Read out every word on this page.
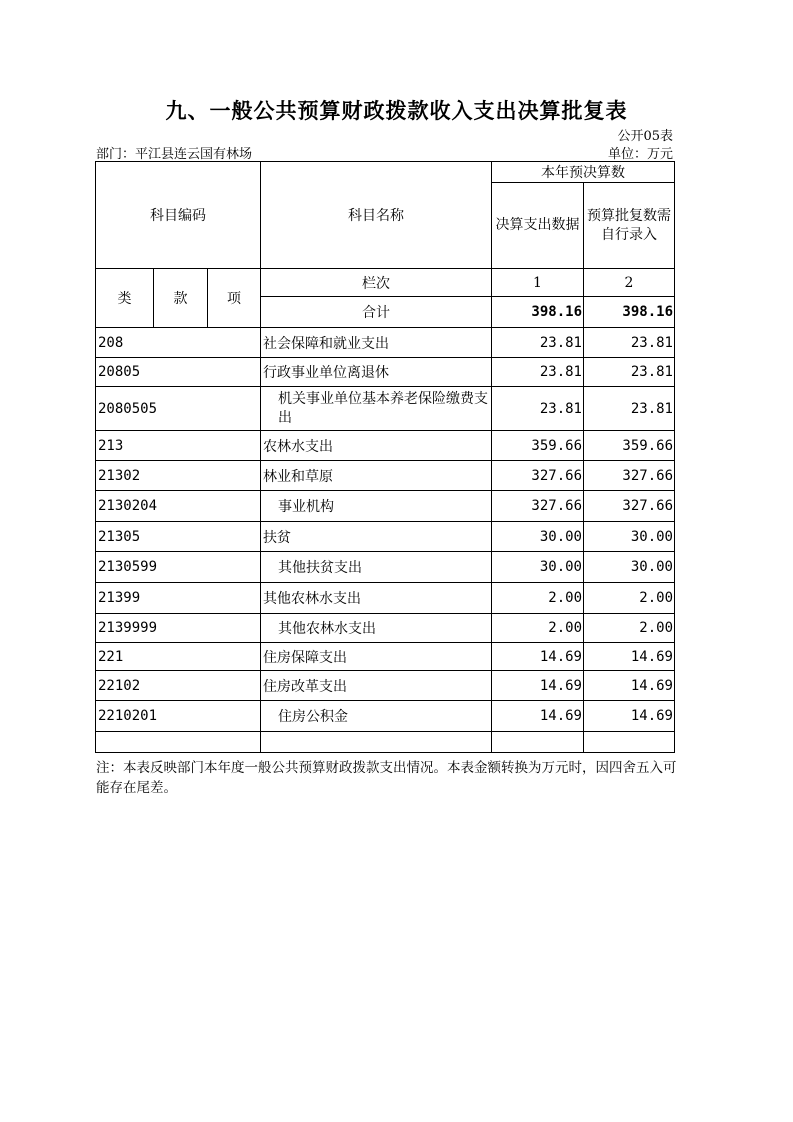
九、一般公共预算财政拨款收入支出决算批复表
公开05表
部门：平江县连云国有林场	单位：万元
科目编码			科目名称	本年预决算数	
				决算支出数据	预算批复数需自行录入
类	款	项	栏次	1	2
			合计	398.16	398.16
208			社会保障和就业支出	23.81	23.81
20805			行政事业单位离退休	23.81	23.81
2080505			机关事业单位基本养老保险缴费支出	23.81	23.81
213			农林水支出	359.66	359.66
21302			林业和草原	327.66	327.66
2130204			事业机构	327.66	327.66
21305			扶贫	30.00	30.00
2130599			其他扶贫支出	30.00	30.00
21399			其他农林水支出	2.00	2.00
2139999			其他农林水支出	2.00	2.00
221			住房保障支出	14.69	14.69
22102			住房改革支出	14.69	14.69
2210201			住房公积金	14.69	14.69

注：本表反映部门本年度一般公共预算财政拨款支出情况。本表金额转换为万元时，因四舍五入可能存在尾差。
